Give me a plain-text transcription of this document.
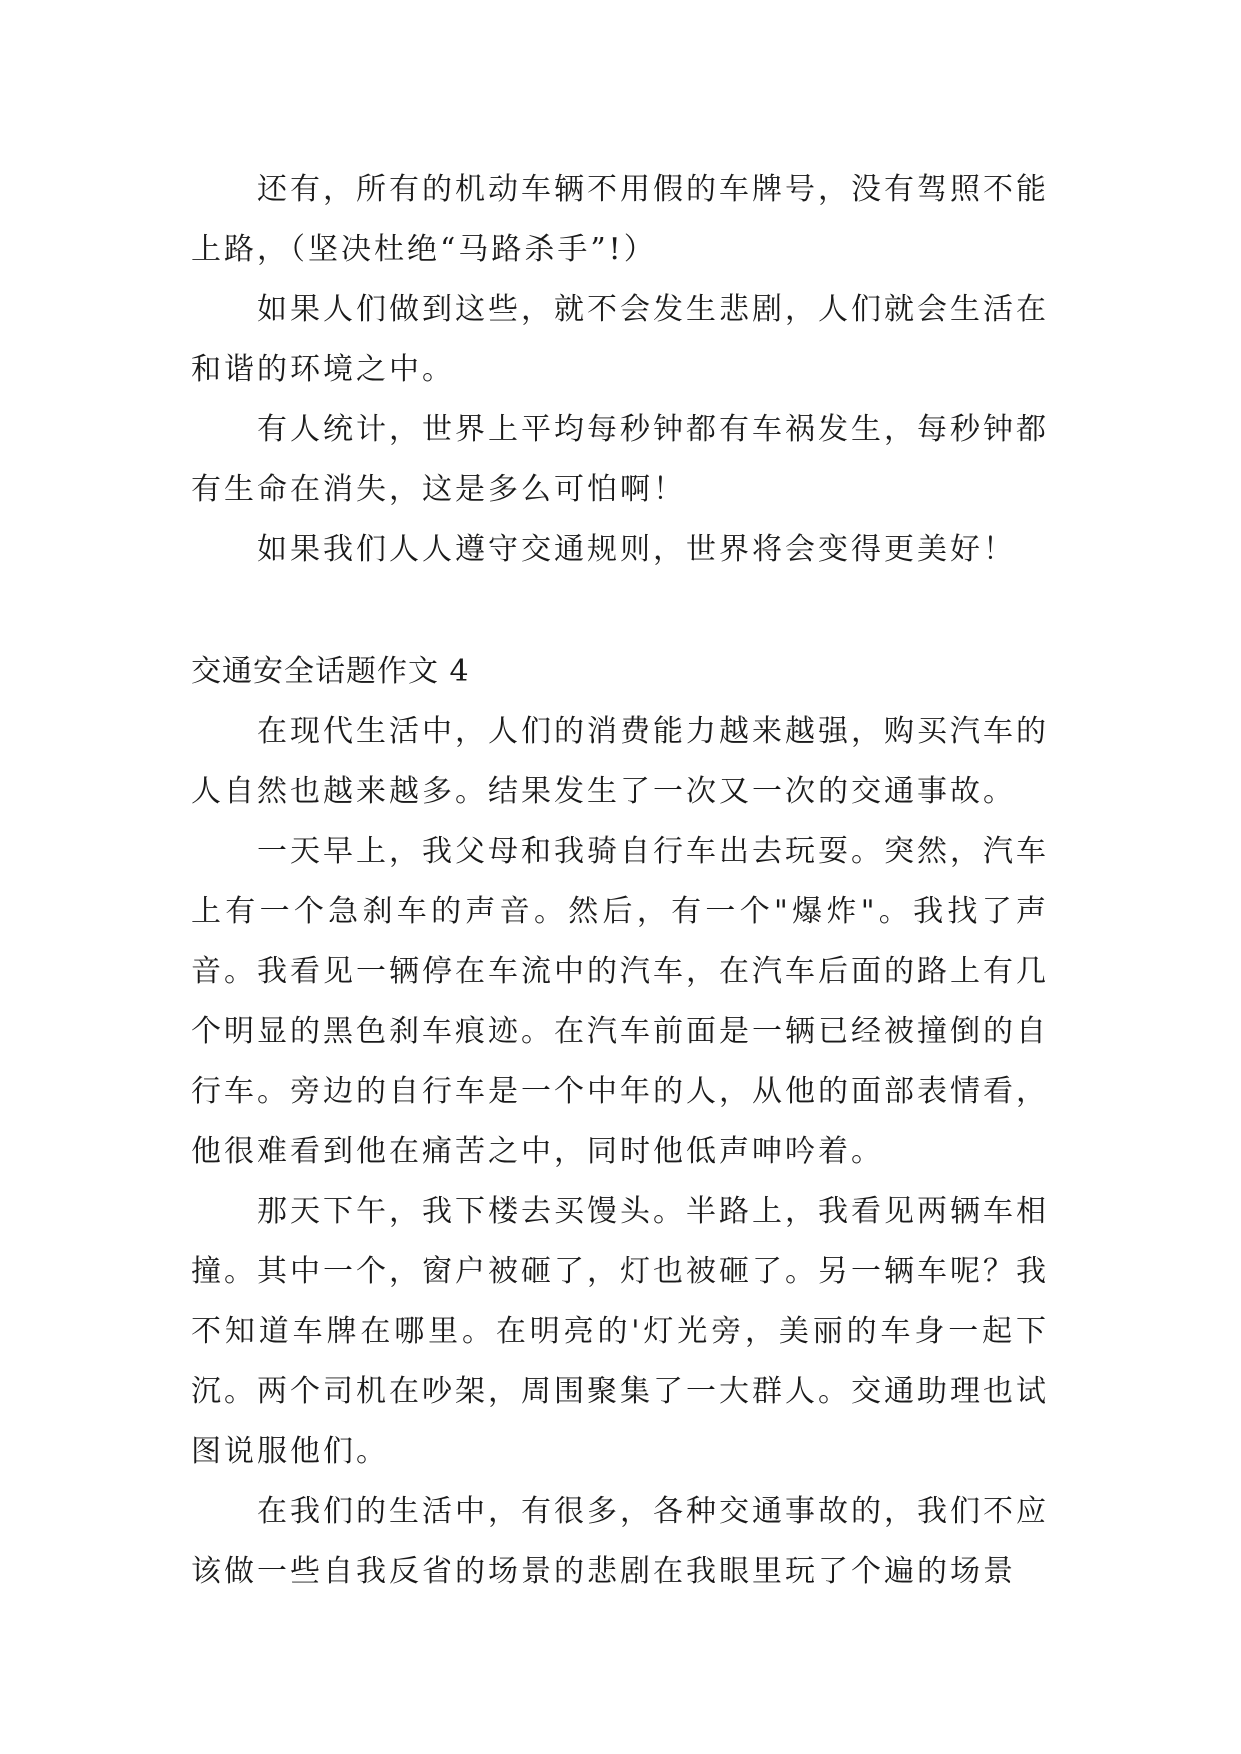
还有，所有的机动车辆不用假的车牌号，没有驾照不能上路，（坚决杜绝“马路杀手”!）

如果人们做到这些，就不会发生悲剧，人们就会生活在和谐的环境之中。

有人统计，世界上平均每秒钟都有车祸发生，每秒钟都有生命在消失，这是多么可怕啊！

如果我们人人遵守交通规则，世界将会变得更美好！

交通安全话题作文 4

在现代生活中，人们的消费能力越来越强，购买汽车的人自然也越来越多。结果发生了一次又一次的交通事故。

一天早上，我父母和我骑自行车出去玩耍。突然，汽车上有一个急刹车的声音。然后，有一个"爆炸"。我找了声音。我看见一辆停在车流中的汽车，在汽车后面的路上有几个明显的黑色刹车痕迹。在汽车前面是一辆已经被撞倒的自行车。旁边的自行车是一个中年的人，从他的面部表情看，他很难看到他在痛苦之中，同时他低声呻吟着。

那天下午，我下楼去买馒头。半路上，我看见两辆车相撞。其中一个，窗户被砸了，灯也被砸了。另一辆车呢？我不知道车牌在哪里。在明亮的'灯光旁，美丽的车身一起下沉。两个司机在吵架，周围聚集了一大群人。交通助理也试图说服他们。

在我们的生活中，有很多，各种交通事故的，我们不应该做一些自我反省的场景的悲剧在我眼里玩了个遍的场景
